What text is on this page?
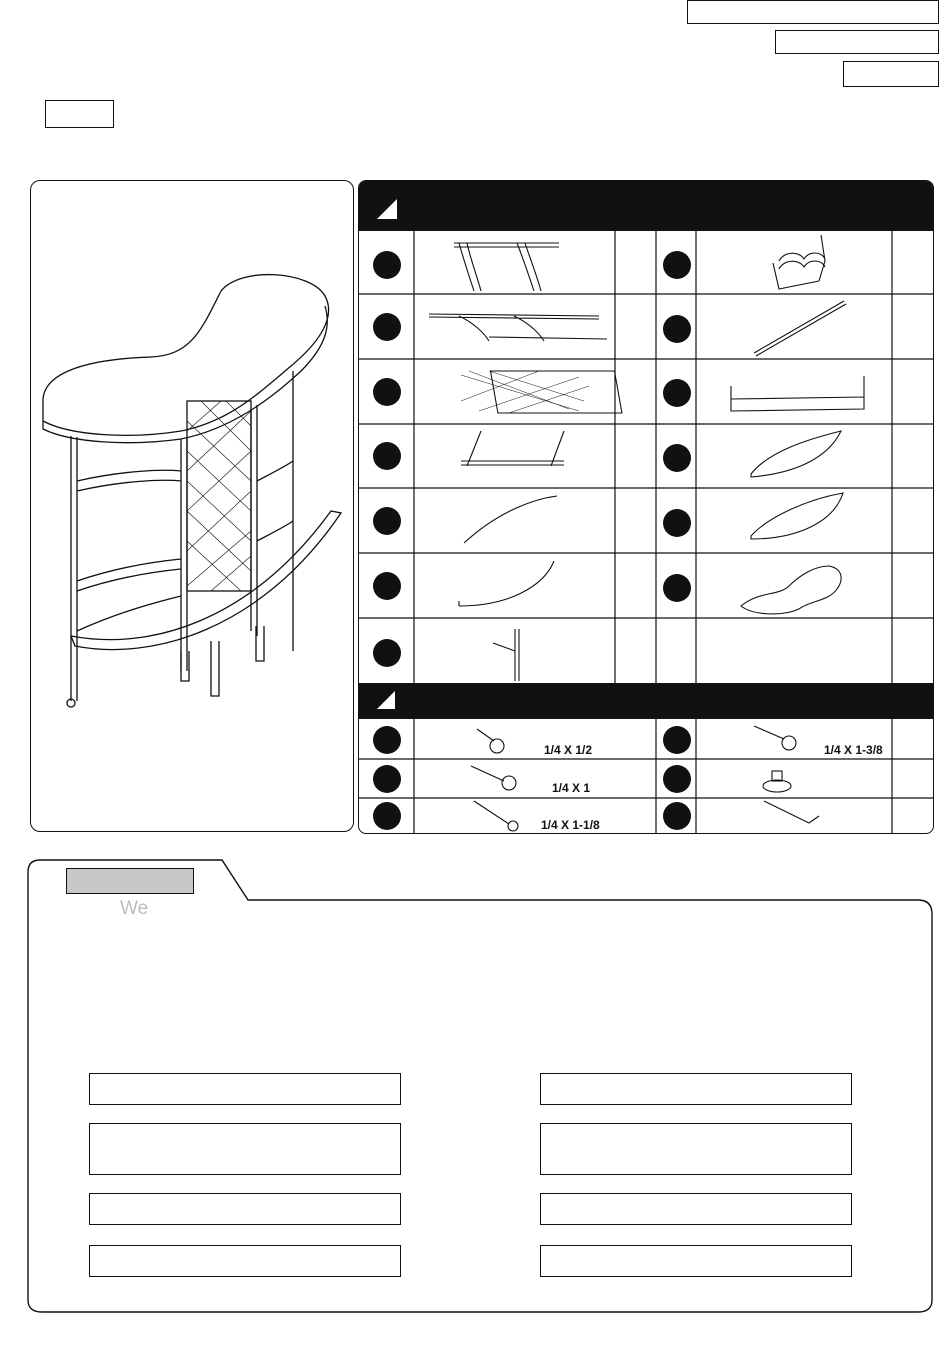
1/4 X 1/2	1/4 X 1-3/8
1/4 X 1
1/4 X 1-1/8
We
